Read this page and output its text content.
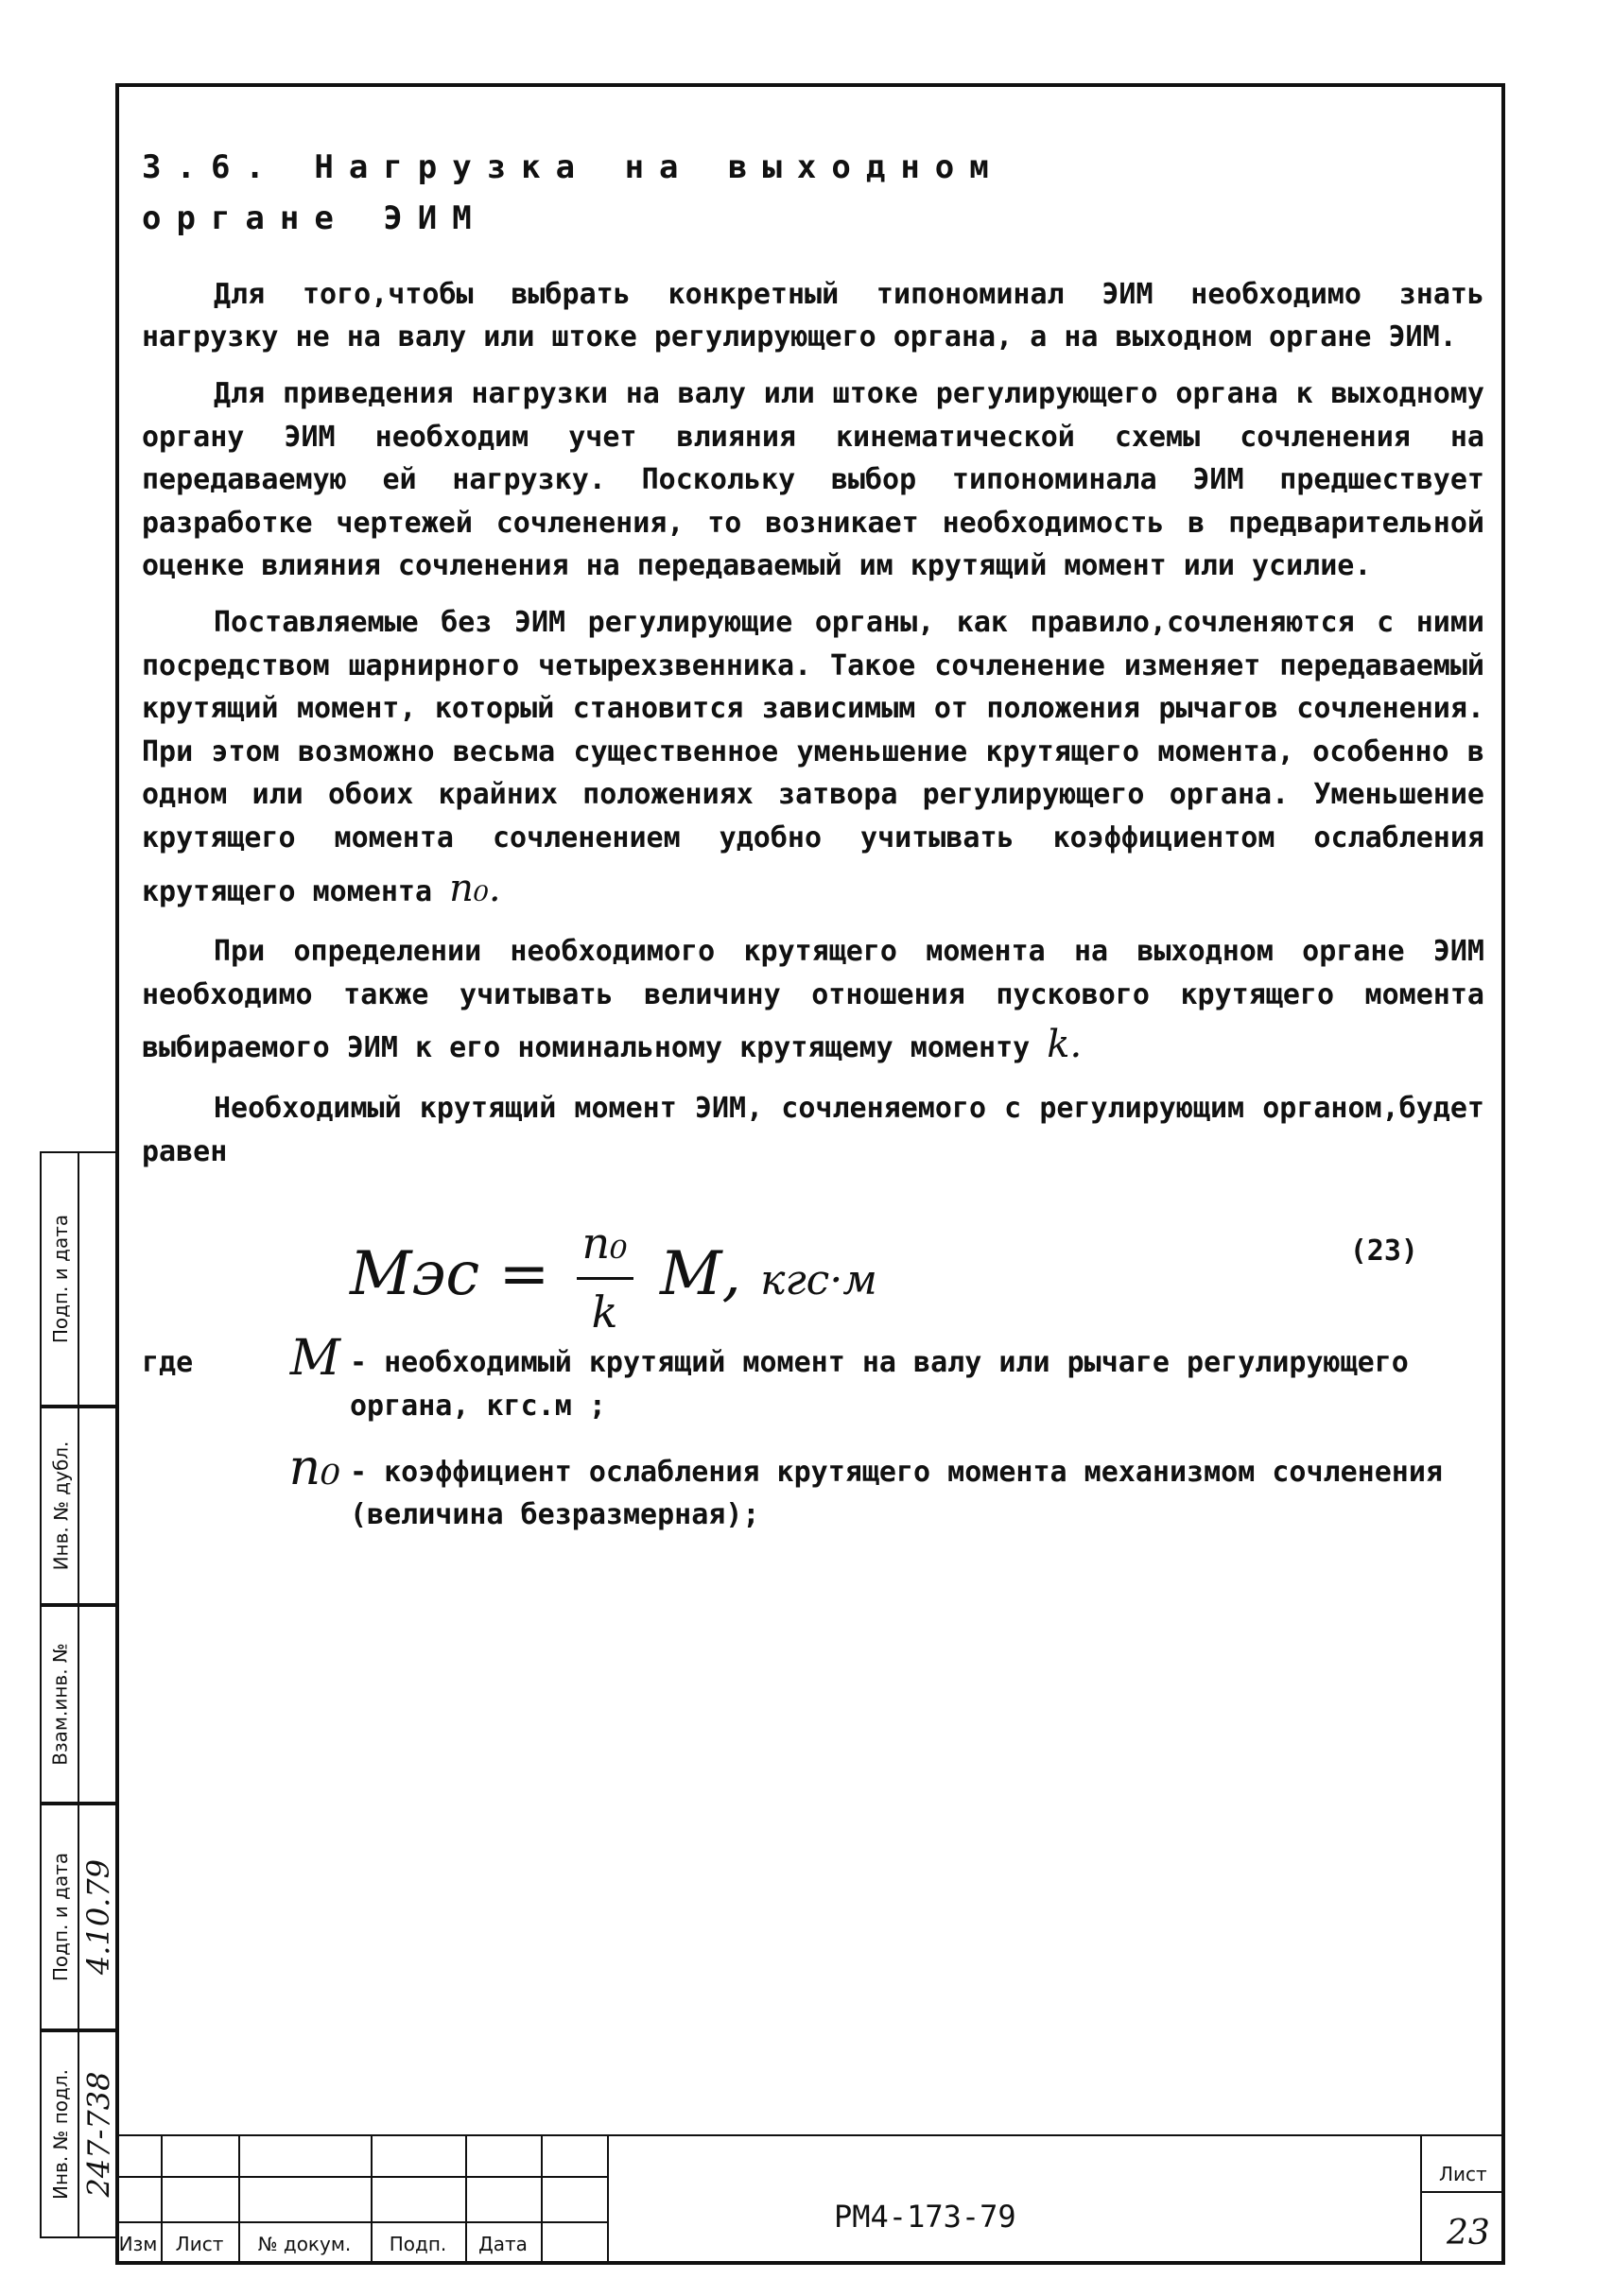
3.6. Нагрузка на выходном
органе ЭИМ

Для того,чтобы выбрать конкретный типономинал ЭИМ необходимо знать нагрузку не на валу или штоке регулирующего органа, а на выходном органе ЭИМ.

Для приведения нагрузки на валу или штоке регулирующего органа к выходному органу ЭИМ необходим учет влияния кинематической схемы сочленения на передаваемую ей нагрузку. Поскольку выбор типономинала ЭИМ предшествует разработке чертежей сочленения, то возникает необходимость в предварительной оценке влияния сочленения на передаваемый им крутящий момент или усилие.

Поставляемые без ЭИМ регулирующие органы, как правило,сочленяются с ними посредством шарнирного четырехзвенника. Такое сочленение изменяет передаваемый крутящий момент, который становится зависимым от положения рычагов сочленения. При этом возможно весьма существенное уменьшение крутящего момента, особенно в одном или обоих крайних положениях затвора регулирующего органа. Уменьшение крутящего момента сочленением удобно учитывать коэффициентом ослабления крутящего момента n₀.

При определении необходимого крутящего момента на выходном органе ЭИМ необходимо также учитывать величину отношения пускового крутящего момента выбираемого ЭИМ к его номинальному крутящему моменту k.

Необходимый крутящий момент ЭИМ, сочленяемого с регулирующим органом,будет равен

Mэс = $\frac{\text{n₀}}{k} M$, кгс·м
(23)
где	M - необходимый крутящий момент на валу или рычаге регулирующего органа, кгс.м ;
n₀ - коэффициент ослабления крутящего момента механизмом сочленения (величина безразмерная);
Подп. и дата
Инв. № дубл.
Взам.инв. №
Подп. и дата 4.10.79
Инв. № подл. 247-738
Изм Лист	№ докум.	Подп.	Дата
РМ4-173-79
Лист
23
